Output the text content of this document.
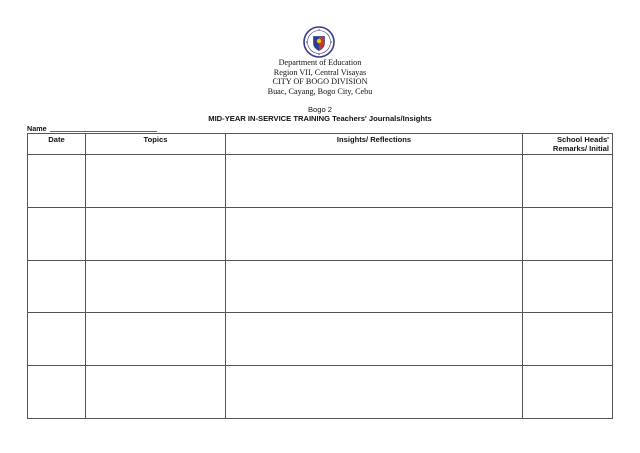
Department of Education
Region VII, Central Visayas
CITY OF BOGO DIVISION
Buac, Cayang, Bogo City, Cebu
Bogo 2
MID-YEAR IN-SERVICE TRAINING Teachers' Journals/Insights
Name
Date	Topics	Insights/ Reflections	School Heads'
Remarks/ Initial
